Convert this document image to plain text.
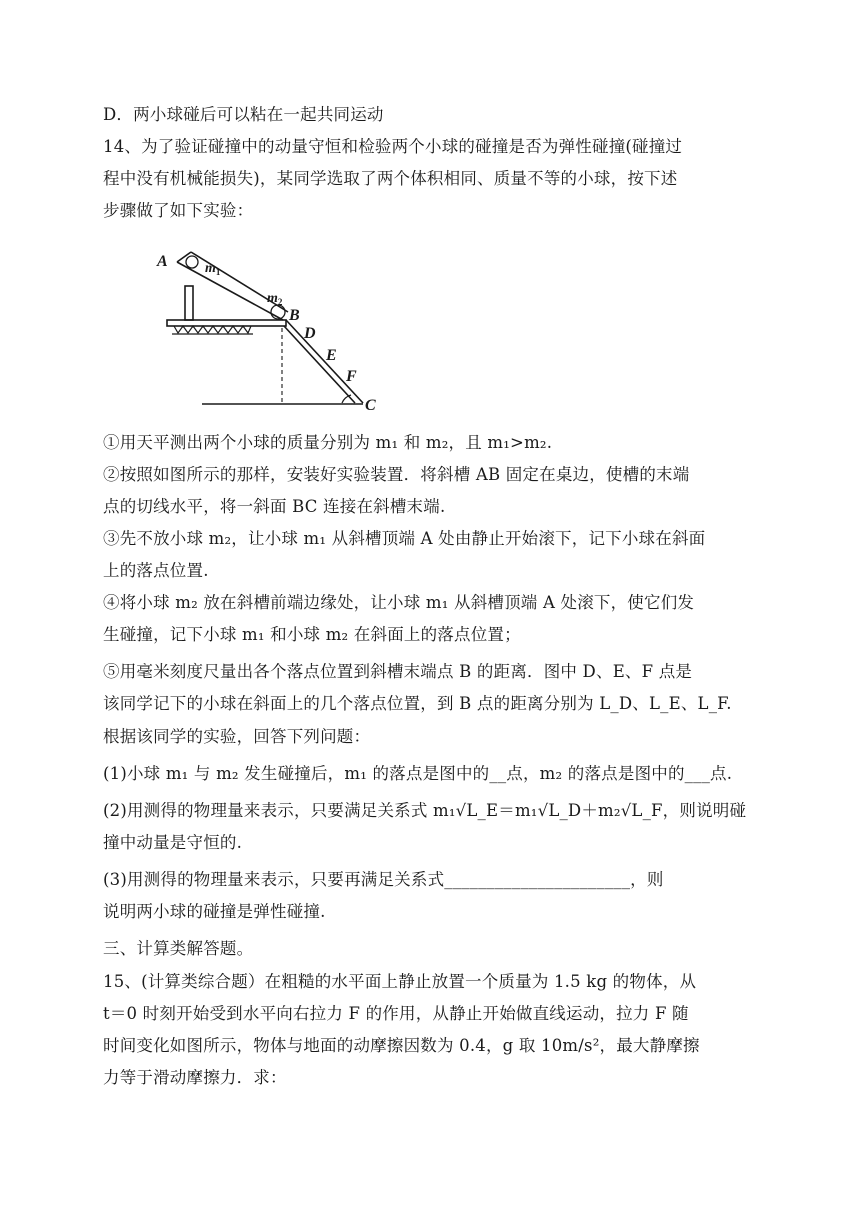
D．两小球碰后可以粘在一起共同运动
14、为了验证碰撞中的动量守恒和检验两个小球的碰撞是否为弹性碰撞(碰撞过
程中没有机械能损失)，某同学选取了两个体积相同、质量不等的小球，按下述
步骤做了如下实验：
A	$m_1$
$m_2$
B
D
E
F
C
①用天平测出两个小球的质量分别为 m₁ 和 m₂，且 m₁>m₂.
②按照如图所示的那样，安装好实验装置．将斜槽 AB 固定在桌边，使槽的末端
点的切线水平，将一斜面 BC 连接在斜槽末端.
③先不放小球 m₂，让小球 m₁ 从斜槽顶端 A 处由静止开始滚下，记下小球在斜面
上的落点位置.
④将小球 m₂ 放在斜槽前端边缘处，让小球 m₁ 从斜槽顶端 A 处滚下，使它们发
生碰撞，记下小球 m₁ 和小球 m₂ 在斜面上的落点位置；
⑤用毫米刻度尺量出各个落点位置到斜槽末端点 B 的距离．图中 D、E、F 点是
该同学记下的小球在斜面上的几个落点位置，到 B 点的距离分别为 L_D、L_E、L_F.
根据该同学的实验，回答下列问题：
(1)小球 m₁ 与 m₂ 发生碰撞后，m₁ 的落点是图中的__点，m₂ 的落点是图中的___点.
(2)用测得的物理量来表示，只要满足关系式 m₁√L_E＝m₁√L_D＋m₂√L_F，则说明碰
撞中动量是守恒的.
(3)用测得的物理量来表示，只要再满足关系式______________________，则
说明两小球的碰撞是弹性碰撞.
三、计算类解答题。
15、(计算类综合题）在粗糙的水平面上静止放置一个质量为 1.5 kg 的物体，从
t＝0 时刻开始受到水平向右拉力 F 的作用，从静止开始做直线运动，拉力 F 随
时间变化如图所示，物体与地面的动摩擦因数为 0.4，g 取 10m/s²，最大静摩擦
力等于滑动摩擦力．求：
